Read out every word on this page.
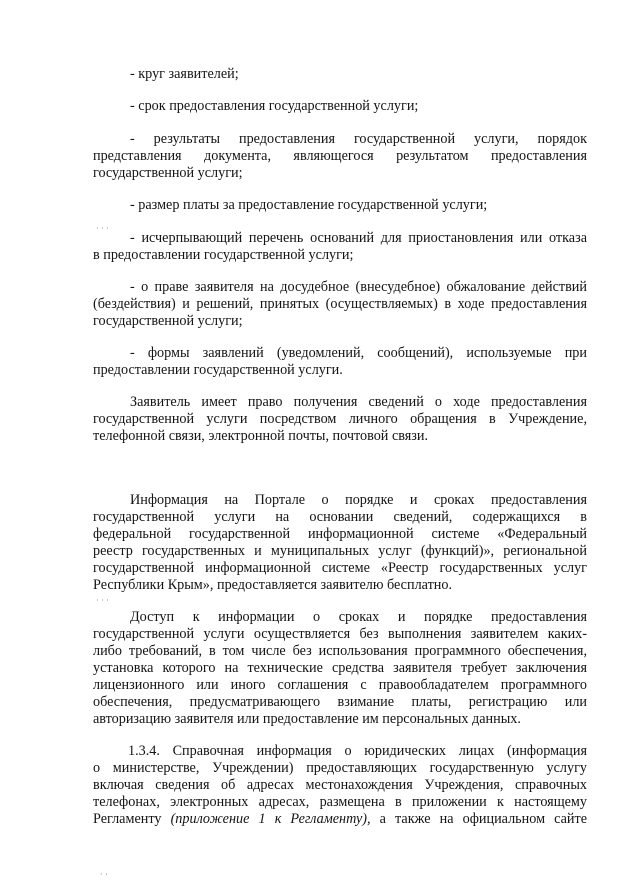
- круг заявителей;
- срок предоставления государственной услуги;
- результаты предоставления государственной услуги, порядок
представления документа, являющегося результатом предоставления
государственной услуги;
- размер платы за предоставление государственной услуги;
- исчерпывающий перечень оснований для приостановления или отказа
в предоставлении государственной услуги;
- о праве заявителя на досудебное (внесудебное) обжалование действий
(бездействия) и решений, принятых (осуществляемых) в ходе предоставления
государственной услуги;
- формы заявлений (уведомлений, сообщений), используемые при
предоставлении государственной услуги.
Заявитель имеет право получения сведений о ходе предоставления
государственной услуги посредством личного обращения в Учреждение,
телефонной связи, электронной почты, почтовой связи.
Информация на Портале о порядке и сроках предоставления
государственной услуги на основании сведений, содержащихся в
федеральной государственной информационной системе «Федеральный
реестр государственных и муниципальных услуг (функций)», региональной
государственной информационной системе «Реестр государственных услуг
Республики Крым», предоставляется заявителю бесплатно.
Доступ к информации о сроках и порядке предоставления
государственной услуги осуществляется без выполнения заявителем каких-
либо требований, в том числе без использования программного обеспечения,
установка которого на технические средства заявителя требует заключения
лицензионного или иного соглашения с правообладателем программного
обеспечения, предусматривающего взимание платы, регистрацию или
авторизацию заявителя или предоставление им персональных данных.
1.3.4. Справочная информация о юридических лицах (информация
о министерстве, Учреждении) предоставляющих государственную услугу
включая сведения об адресах местонахождения Учреждения, справочных
телефонах, электронных адресах, размещена в приложении к настоящему
Регламенту (приложение 1 к Регламенту), а также на официальном сайте
· · ·
· · ·
· ·
